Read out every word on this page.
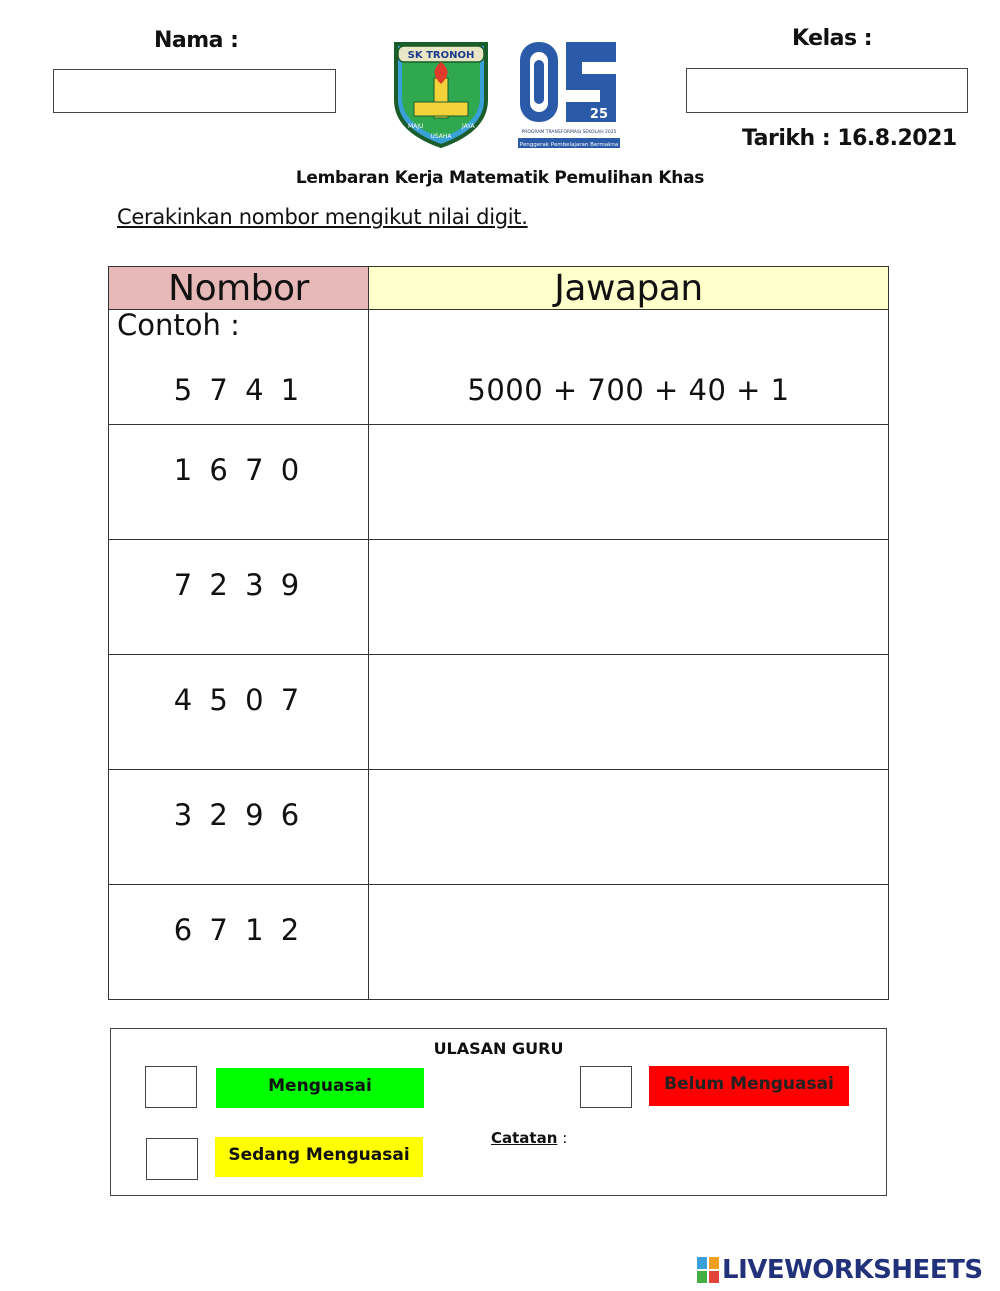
Nama :	Kelas :
Tarikh : 16.8.2021
SK TRONOH
MAJU
USAHA
JAYA
25
PROGRAM TRANSFORMASI SEKOLAH 2025
Penggerak Pembelajaran Bermakna
Lembaran Kerja Matematik Pemulihan Khas
Cerakinkan nombor mengikut nilai digit.
Nombor	Jawapan

Contoh :
5 7 4 1	5000 + 700 + 40 + 1

1 6 7 0	

7 2 3 9	

4 5 0 7	

3 2 9 6	

6 7 1 2	

ULASAN GURU
Menguasai
Sedang Menguasai
Belum Menguasai
Catatan :
LIVEWORKSHEETS
